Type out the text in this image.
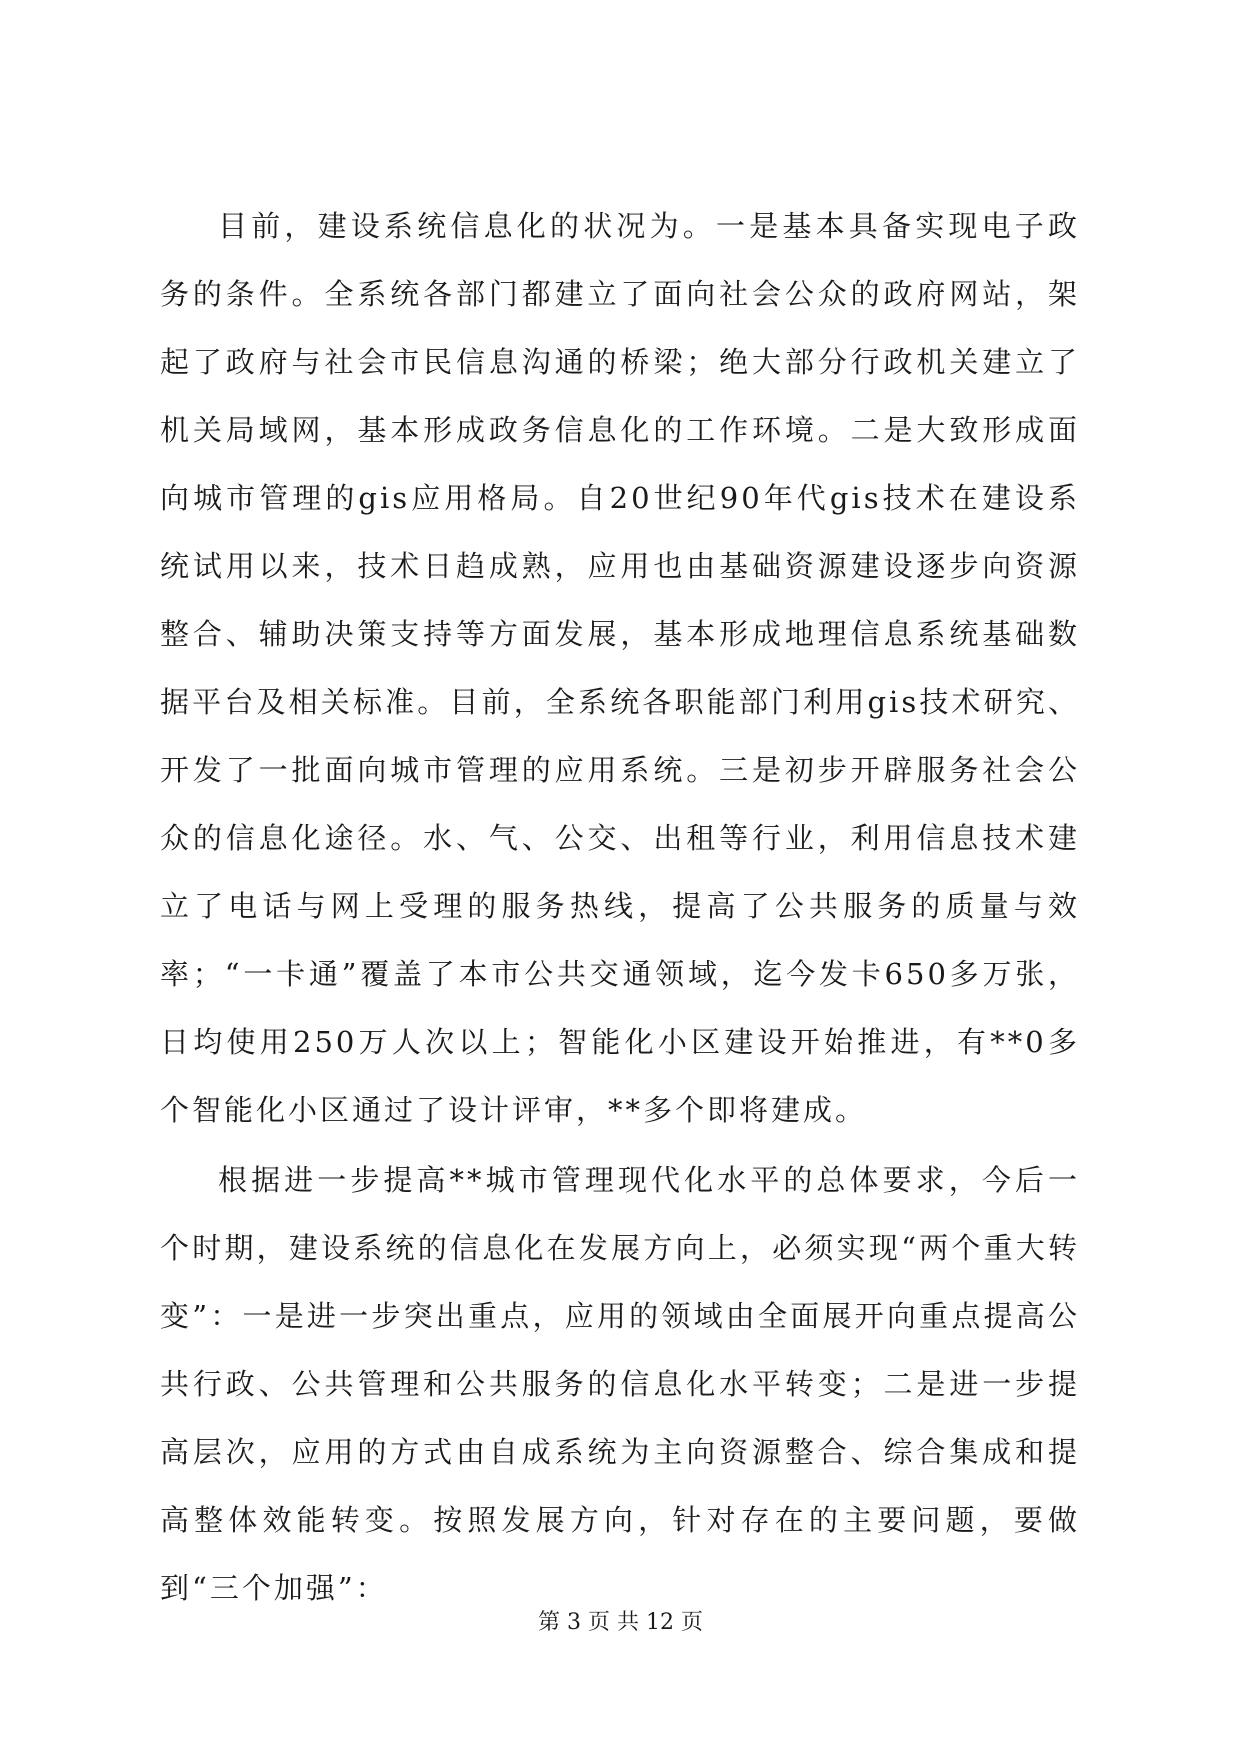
目前，建设系统信息化的状况为。一是基本具备实现电子政务的条件。全系统各部门都建立了面向社会公众的政府网站，架起了政府与社会市民信息沟通的桥梁；绝大部分行政机关建立了机关局域网，基本形成政务信息化的工作环境。二是大致形成面向城市管理的gis应用格局。自20世纪90年代gis技术在建设系统试用以来，技术日趋成熟，应用也由基础资源建设逐步向资源整合、辅助决策支持等方面发展，基本形成地理信息系统基础数据平台及相关标准。目前，全系统各职能部门利用gis技术研究、开发了一批面向城市管理的应用系统。三是初步开辟服务社会公众的信息化途径。水、气、公交、出租等行业，利用信息技术建立了电话与网上受理的服务热线，提高了公共服务的质量与效率；“一卡通”覆盖了本市公共交通领域，迄今发卡650多万张，日均使用250万人次以上；智能化小区建设开始推进，有**0多个智能化小区通过了设计评审，**多个即将建成。

根据进一步提高**城市管理现代化水平的总体要求，今后一个时期，建设系统的信息化在发展方向上，必须实现“两个重大转变”：一是进一步突出重点，应用的领域由全面展开向重点提高公共行政、公共管理和公共服务的信息化水平转变；二是进一步提高层次，应用的方式由自成系统为主向资源整合、综合集成和提高整体效能转变。按照发展方向，针对存在的主要问题，要做到“三个加强”：

第 3 页 共 12 页
